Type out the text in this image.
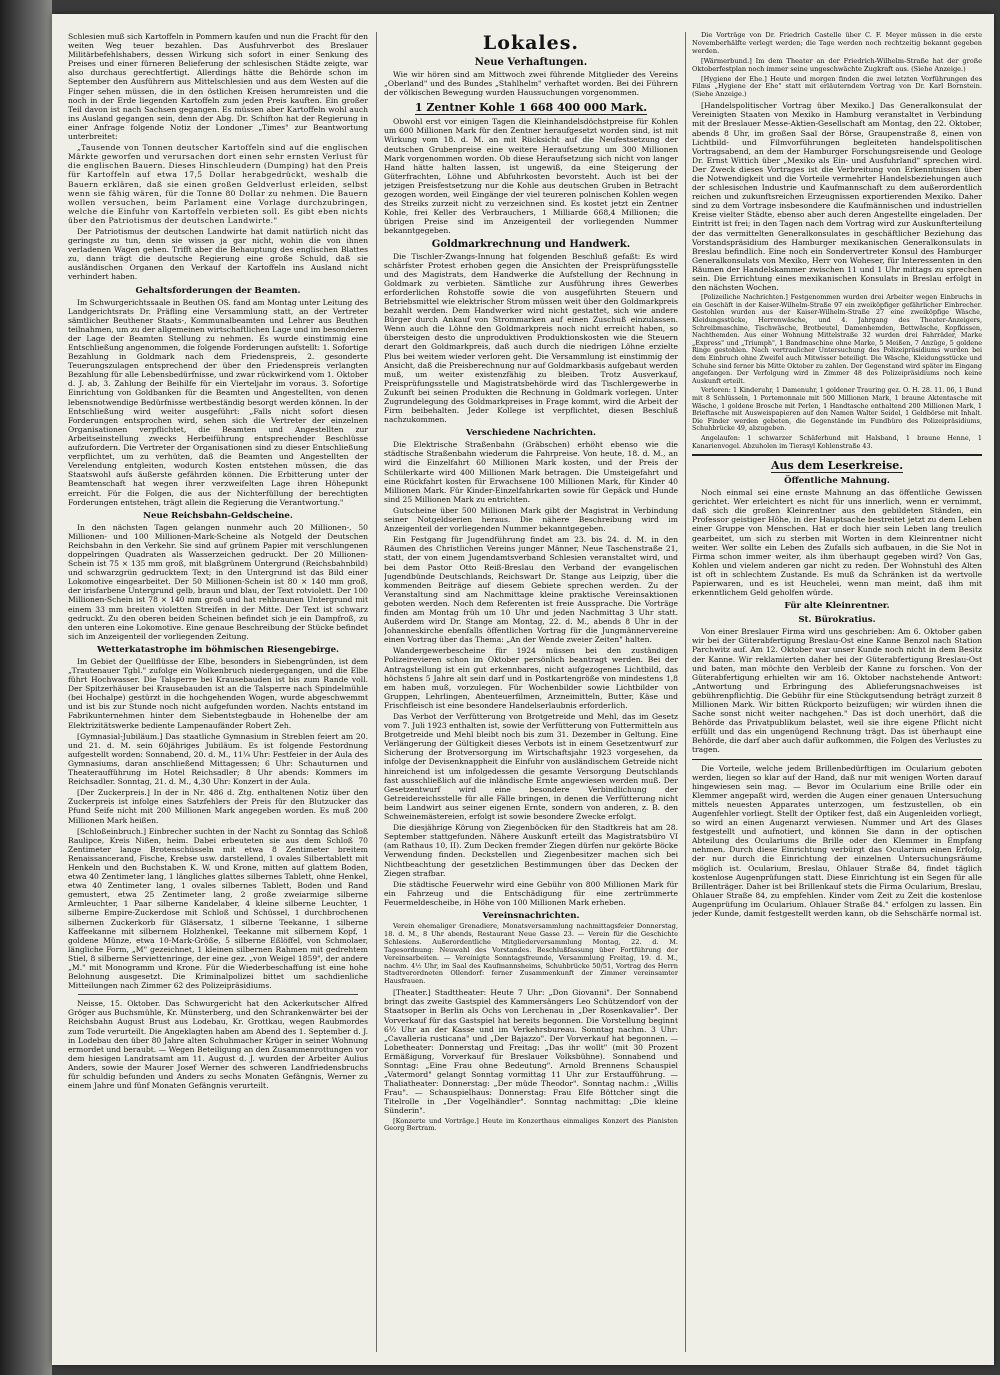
Schlesien muß sich Kartoffeln in Pommern kaufen und nun die Fracht für den weiten Weg teuer bezahlen. Das Ausfuhrverbot des Breslauer Militärbefehlshabers, dessen Wirkung sich sofort in einer Senkung des Preises und einer fürneren Belieferung der schlesischen Städte zeigte, war also durchaus gerechtfertigt. Allerdings hätte die Behörde schon im September den Ausführern aus Mittelschlesien und aus dem Westen auf die Finger sehen müssen, die in den östlichen Kreisen herumreisten und die noch in der Erde liegenden Kartoffeln zum jeden Preis kauften. Ein großer Teil davon ist nach Sachsen gegangen. Es müssen aber Kartoffeln wohl auch ins Ausland gegangen sein, denn der Abg. Dr. Schifton hat der Regierung in einer Anfrage folgende Notiz der Londoner „Times" zur Beantwortung unterbreitet:

„Tausende von Tonnen deutscher Kartoffeln sind auf die englischen Märkte geworfen und verursachen dort einen sehr ernsten Verlust für die englischen Bauern. Dieses Hinschleudern (Dumping) hat den Preis für Kartoffeln auf etwa 17,5 Dollar herabgedrückt, weshalb die Bauern erklären, daß sie einen großen Geldverlust erleiden, selbst wenn sie fähig wären, für die Tonne 80 Dollar zu nehmen. Die Bauern wollen versuchen, beim Parlament eine Vorlage durchzubringen, welche die Einfuhr von Kartoffeln verbieten soll. Es gibt eben nichts über den Patriotismus der deutschen Landwirte."

Der Patriotismus der deutschen Landwirte hat damit natürlich nicht das geringste zu tun, denn sie wissen ja gar nicht, wohin die von ihnen verladenen Wagen gehen. Trifft aber die Behauptung des englischen Blattes zu, dann trägt die deutsche Regierung eine große Schuld, daß sie ausländischen Organen den Verkauf der Kartoffeln ins Ausland nicht verhindert haben.

Gehaltsforderungen der Beamten.

Im Schwurgerichtssaale in Beuthen OS. fand am Montag unter Leitung des Landgerichtsrats Dr. Präfling eine Versammlung statt, an der Vertreter sämtlicher Beuthener Staats-, Kommunalbeamten und Lehrer aus Beuthen teilnahmen, um zu der allgemeinen wirtschaftlichen Lage und im besonderen der Lage der Beamten Stellung zu nehmen. Es wurde einstimmig eine Entschließung angenommen, die folgende Forderungen aufstellt: 1. Sofortige Bezahlung in Goldmark nach dem Friedenspreis, 2. gesonderte Teuerungszulagen entsprechend der über den Friedenspreis verlangten Bezahlung für alle Lebensbedürfnisse, und zwar rückwirkend vom 1. Oktober d. J. ab, 3. Zahlung der Beihilfe für ein Vierteljahr im voraus. 3. Sofortige Einrichtung von Goldbanken für die Beamten und Angestellten, von denen lebensnotwendige Bedürfnisse wertbeständig besorgt werden können. In der Entschließung wird weiter ausgeführt: „Falls nicht sofort diesen Forderungen entsprochen wird, sehen sich die Vertreter der einzelnen Organisationen verpflichtet, die Beamten und Angestellten zur Arbeitseinstellung zwecks Herbeiführung entsprechender Beschlüsse aufzufordern. Die Vertreter der Organisationen sind zu dieser Entschließung verpflichtet, um zu verhüten, daß die Beamten und Angestellten der Verelendung entgleiten, wodurch Kosten entstehen müssen, die das Staatswohl aufs äußerste gefährden können. Die Erbitterung unter der Beamtenschaft hat wegen ihrer verzweifelten Lage ihren Höhepunkt erreicht. Für die Folgen, die aus der Nichterfüllung der berechtigten Forderungen entstehen, trägt allein die Regierung die Verantwortung."

Neue Reichsbahn-Geldscheine.

In den nächsten Tagen gelangen nunmehr auch 20 Millionen-, 50 Millionen- und 100 Millionen-Mark-Scheine als Notgeld der Deutschen Reichsbahn in den Verkehr. Sie sind auf grünem Papier mit verschlungenen doppelringen Quadraten als Wasserzeichen gedruckt. Der 20 Millionen-Schein ist 75 × 135 mm groß, mit blaßgrünem Untergrund (Reichsbahnbild) und schwarzgrün gedrucktem Text; in den Untergrund ist das Bild einer Lokomotive eingearbeitet. Der 50 Millionen-Schein ist 80 × 140 mm groß, der irisfarbene Untergrund gelb, braun und blau, der Text rotviolett. Der 100 Millionen-Schein ist 78 × 140 mm groß und hat rehbraunen Untergrund mit einem 33 mm breiten violetten Streifen in der Mitte. Der Text ist schwarz gedruckt. Zu den oberen beiden Scheinen befindet sich je ein Dampfroß, zu den unteren eine Lokomotive. Eine genaue Beschreibung der Stücke befindet sich im Anzeigenteil der vorliegenden Zeitung.

Wetterkatastrophe im böhmischen Riesengebirge.

Im Gebiet der Quellflüsse der Elbe, besonders in Siebengründen, ist dem „Trautenauer Tgbl." zufolge ein Wolkenbruch niedergegangen, und die Elbe führt Hochwasser. Die Talsperre bei Krausebauden ist bis zum Rande voll. Der Spitzerhäuser bei Krausebauden ist an die Talsperre nach Spindelmühle (bei Hochalpe) gestürzt in die hochgehenden Wogen, wurde abgeschwemmt und ist bis zur Stunde noch nicht aufgefunden worden. Nachts entstand im Fabrikunternehmen hinter dem Siebentstegbaude in Hohenelbe der am Elektrizitätswerke bediente Lampenaufänder Robert Zeh.

[Gymnasial-Jubiläum.] Das staatliche Gymnasium in Streblen feiert am 20. und 21. d. M. sein 60jähriges Jubiläum. Es ist folgende Festordnung aufgestellt worden: Sonnabend, 20. d. M., 11¼ Uhr: Festfeier in der Aula des Gymnasiums, daran anschließend Mittagessen; 6 Uhr: Schauturnen und Theateraufführung im Hotel Reichsadler; 8 Uhr abends: Kommers im Reichsadler. Sonntag, 21. d. M., 4,30 Uhr: Konzert in der Aula.

[Der Zuckerpreis.] In der in Nr. 486 d. Ztg. enthaltenen Notiz über den Zuckerpreis ist infolge eines Satzfehlers der Preis für den Blutzucker das Pfund Seife nicht mit 200 Millionen Mark angegeben worden. Es muß 200 Millionen Mark heißen.

[Schloßeinbruch.] Einbrecher suchten in der Nacht zu Sonntag das Schloß Raulipce, Kreis Nißen, heim. Dabei erbeuteten sie aus dem Schloß 70 Zentimeter lange Brotenschüsseln mit etwa 8 Zentimeter breitem Renaissancerand, Fische, Krebse usw. darstellend, 1 ovales Silbertablett mit Henkeln und den Buchstaben K. W. und Krone, mitten auf glattem Boden, etwa 40 Zentimeter lang, 1 längliches glattes silbernes Tablett, ohne Henkel, etwa 40 Zentimeter lang, 1 ovales silbernes Tablett, Boden und Rand gemustert, etwa 25 Zentimeter lang, 2 große zweiarmige silberne Armleuchter, 1 Paar silberne Kandelaber, 4 kleine silberne Leuchter, 1 silberne Empire-Zuckerdose mit Schloß und Schüssel, 1 durchbrochenen silbernen Zuckerkorb für Gläsersatz, 1 silberne Teekanne, 1 silberne Kaffeekanne mit silbernem Holzhenkel, Teekanne mit silbernem Kopf, 1 goldene Münze, etwa 10-Mark-Größe, 5 silberne Eßlöffel, von Schmolaer, längliche Form, „M" gezeichnet, 1 kleinen silbernen Rahmen mit gedrehtem Stiel, 8 silberne Serviettenringe, der eine gez. „von Weigel 1859", der andere „M." mit Monogramm und Krone. Für die Wiederbeschaffung ist eine hohe Belohnung ausgesetzt. Die Kriminalpolizei bittet um sachdienliche Mitteilungen nach Zimmer 62 des Polizeipräsidiums.

Neisse, 15. Oktober. Das Schwurgericht hat den Ackerkutscher Alfred Gröger aus Buchsmühle, Kr. Münsterberg, und den Schrankenwärter bei der Reichsbahn August Brust aus Lodebau, Kr. Grottkau, wegen Raubmordes zum Tode verurteilt. Die Angeklagten haben am Abend des 1. September d. J. in Lodebau den über 80 Jahre alten Schuhmacher Krüger in seiner Wohnung ermordet und beraubt. — Wegen Beteiligung an den Zusammenrottungen vor dem hiesigen Landratsamt am 11. August d. J. wurden der Arbeiter Aulius Anders, sowie der Maurer Josef Werner des schweren Landfriedensbruchs für schuldig befunden und Anders zu sechs Monaten Gefängnis, Werner zu einem Jahre und fünf Monaten Gefängnis verurteilt.

Lokales.
Neue Verhaftungen.

Wie wir hören sind am Mittwoch zwei führende Mitglieder des Vereins „Oberland" und des Bundes „Stahlhelm" verhaftet worden. Bei dei Führern der völkischen Bewegung wurden Haussuchungen vorgenommen.

1 Zentner Kohle 1 668 400 000 Mark.

Obwohl erst vor einigen Tagen die Kleinhandelsdöchstpreise für Kohlen um 600 Millionen Mark für den Zentner heraufgesetzt worden sind, ist mit Wirkung vom 18. d. M. an mit Rücksicht auf die Neufestsetzung der deutschen Grubenpreise eine weitere Heraufsetzung um 300 Millionen Mark vorgenommen worden. Ob diese Heraufsetzung sich nicht von langer Hand hätte halten lassen, ist ungewiß, da eine Steigerung der Güterfrachten, Löhne und Abfuhrkosten bevorsteht. Auch ist bei der jetzigen Preisfestsetzung nur die Kohle aus deutschen Gruben in Betracht gezogen worden, weil Eingänge der viel teureren polnischen Kohlen wegen des Streiks zurzeit nicht zu verzeichnen sind. Es kostet jetzt ein Zentner Kohle, frei Keller des Verbrauchers, 1 Milliarde 668,4 Millionen; die übrigen Preise sind im Anzeigenteil der vorliegenden Nummer bekanntgegeben.

Goldmarkrechnung und Handwerk.

Die Tischler-Zwangs-Innung hat folgenden Beschluß gefaßt: Es wird schärfster Protest erhoben gegen die Ansichten der Preisprüfungsstelle und des Magistrats, dem Handwerke die Aufstellung der Rechnung in Goldmark zu verbieten. Sämtliche zur Ausführung ihres Gewerbes erforderlichen Rohstoffe sowie die von ausgeführten Steuern und Betriebsmittel wie elektrischer Strom müssen weit über den Goldmarkpreis bezahlt werden. Dem Handwerker wird nicht gestattet, sich wie andere Bürger durch Ankauf von Strommarken auf einen Zuschuß einzulassen. Wenn auch die Löhne den Goldmarkpreis noch nicht erreicht haben, so übersteigen desto die unproduktiven Produktionskosten wie die Steuern derart den Goldmarkpreis, daß auch durch die niedrigen Löhne erzielte Plus bei weitem wieder verloren geht. Die Versammlung ist einstimmig der Ansicht, daß die Preisberechnung nur auf Goldmarkbasis aufgebaut werden muß, um weiter existenzfähig zu bleiben. Trotz Ausverkauf, Preisprüfungsstelle und Magistratsbehörde wird das Tischlergewerbe in Zukunft bei seinen Produkten die Rechnung in Goldmark vorlegen. Unter Zugrundelegung des Goldmarkpreises in Frage kommt, wird die Arbeit der Firm beibehalten. Jeder Kollege ist verpflichtet, diesen Beschluß nachzukommen.

Verschiedene Nachrichten.

Die Elektrische Straßenbahn (Gräbschen) erhöht ebenso wie die städtische Straßenbahn wiederum die Fahrpreise. Von heute, 18. d. M., an wird die Einzelfahrt 60 Millionen Mark kosten, und der Preis der Schülerkarte wird 400 Millionen Mark betragen. Die Umsteigefahrt und eine Rückfahrt kosten für Erwachsene 100 Millionen Mark, für Kinder 40 Millionen Mark. Für Kinder-Einzelfahrkarten sowie für Gepäck und Hunde sind 25 Millionen Mark zu entrichten.

Gutscheine über 500 Millionen Mark gibt der Magistrat in Verbindung seiner Notgeldserien heraus. Die nähere Beschreibung wird im Anzeigenteil der vorliegenden Nummer bekanntgegeben.

Ein Festgang für Jugendführung findet am 23. bis 24. d. M. in den Räumen des Christlichen Vereins junger Männer, Neue Taschenstraße 21, statt, der von einem Jugendamtsverband Schlesien veranstaltet wird, und bei dem Pastor Otto Reiß-Breslau den Verband der evangelischen Jugendbünde Deutschlands, Reichswart Dr. Stange aus Leipzig, über die kommenden Beiträge auf diesem Gebiete sprechen werden. Zu der Veranstaltung sind am Nachmittage kleine praktische Vereinsaktionen geboten werden. Noch dem Referenten ist freie Aussprache. Die Vorträge finden am Montag früh um 10 Uhr und jeden Nachmittag 3 Uhr statt. Außerdem wird Dr. Stange am Montag, 22. d. M., abends 8 Uhr in der Johanneskirche ebenfalls öffentlichen Vortrag für die Jungmännervereine einen Vortrag über das Thema: „An der Wende zweier Zeiten" halten.

Wandergewerbescheine für 1924 müssen bei den zuständigen Polizeirevieren schon im Oktober persönlich beantragt werden. Bei der Antragstellung ist ein gut erkennbares, nicht aufgezogenes Lichtbild, das höchstens 5 Jahre alt sein darf und in Postkartengröße von mindestens 1,8 em haben muß, vorzulegen. Für Wochenbilder sowie Lichtbilder von Gruppen, Lehrlingen, Abenteuerfilmen, Arzneimitteln, Butter, Käse und Frischfleisch ist eine besondere Handelserlaubnis erforderlich.

Das Verbot der Verfütterung von Brotgetreide und Mehl, das im Gesetz vom 7. Juli 1923 enthalten ist, sowie der Verfütterung von Futtermitteln aus Brotgetreide und Mehl bleibt noch bis zum 31. Dezember in Geltung. Eine Verlängerung der Gültigkeit dieses Verbots ist in einem Gesetzentwurf zur Sicherung der Brotversorgung im Wirtschaftsjahr 1923 vorgesehen, da infolge der Devisenknappheit die Einfuhr von ausländischem Getreide nicht hinreichend ist um infolgedessen die gesamte Versorgung Deutschlands fast ausschließlich auf die inländische Ernte angewiesen werden muß. Der Gesetzentwurf wird eine besondere Verbindlichung der Getreidereichsstelle für alle Fälle bringen, in denen die Verfütterung nicht beim Landwirt aus seiner eigenen Ernte, sondern von anderen, z. B. den Schweinemästereien, erfolgt ist sowie besondere Zwecke erfolgt.

Die diesjährige Körung von Ziegenböcken für den Stadtkreis hat am 28. September stattgefunden. Nähere Auskunft erteilt das Magistratsbüro VI (am Rathaus 10, II). Zum Decken fremder Ziegen dürfen nur gekörte Böcke Verwendung finden. Deckstellen und Ziegenbesitzer machen sich bei Nichtbeachtung der gesetzlichen Bestimmungen über das Decken der Ziegen strafbar.

Die städtische Feuerwehr wird eine Gebühr von 800 Millionen Mark für ein Fahrzeug und die Entschädigung für eine zertrümmerte Feuermeldescheibe, in Höhe von 100 Millionen Mark erheben.

Vereinsnachrichten.

Verein ehemaliger Grenadiere, Monatsversammlung nachmittagsfeier Donnerstag, 18. d. M., 8 Uhr abends, Restaurant Neue Gasse 23. — Verein für die Geschichte Schlesiens. Außerordentliche Mitgliederversammlung Montag, 22. d. M. Tagesordnung: Neuwahl des Vorstandes. Beschlußfassung über Fortführung der Vereinsarbeiten. — Vereinigte Sonntagsfreunde, Versammlung Freitag, 19. d. M., nachm. 4½ Uhr, im Saal des Kaufmannsheims, Schuhbrücke 50/51, Vortrag des Herrn Stadtverordneten Ollendorf: ferner Zusammenkunft der Zimmer vereinsamter Hausfrauen.

[Theater.] Stadttheater: Heute 7 Uhr: „Don Giovanni". Der Sonnabend bringt das zweite Gastspiel des Kammersängers Leo Schützendorf von der Staatsoper in Berlin als Ochs von Lerchenau in „Der Rosenkavalier". Der Vorverkauf für das Gastspiel hat bereits begonnen. Die Vorstellung beginnt 6½ Uhr an der Kasse und im Verkehrsbureau. Sonntag nachm. 3 Uhr: „Cavalleria rusticana" und „Der Bajazzo". Der Vorverkauf hat begonnen. — Lobetheater: Donnerstag und Freitag: „Das ihr wollt" (mit 30 Prozent Ermäßigung, Vorverkauf für Breslauer Volksbühne). Sonnabend und Sonntag: „Eine Frau ohne Bedeutung". Arnold Brennens Schauspiel „Vatermord" gelangt Sonntag vormittag 11 Uhr zur Erstaufführung. — Thaliatheater: Donnerstag: „Der müde Theodor". Sonntag nachm.: „Willis Frau". — Schauspielhaus: Donnerstag: Frau Elfe Böttcher singt die Titelrolle in „Der Vogelhändler". Sonntag nachmittag: „Die kleine Sünderin".

[Konzerte und Vorträge.] Heute im Konzerthaus einmaliges Konzert des Pianisten Georg Bertram.

Die Vorträge von Dr. Friedrich Castelle über C. F. Meyer müssen in die erste Novemberhälfte verlegt werden; die Tage werden noch rechtzeitig bekannt gegeben werden.

[Wärmerbund.] Im dem Theater an der Friedrich-Wilhelm-Straße hat der große Oktoberfestplan noch immer seine ungeschwächte Zugkraft aus. (Siehe Anzeige.)

[Hygiene der Ehe.] Heute und morgen finden die zwei letzten Vorführungen des Films „Hygiene der Ehe" statt mit erläuterndem Vortrag von Dr. Karl Bornstein. (Siehe Anzeige.)

[Handelspolitischer Vortrag über Mexiko.] Das Generalkonsulat der Vereinigten Staaten von Mexiko in Hamburg veranstaltet in Verbindung mit der Breslauer Messe-Aktien-Gesellschaft am Montag, den 22. Oktober, abends 8 Uhr, im großen Saal der Börse, Graupenstraße 8, einen von Lichtbild- und Filmvorführungen begleiteten handelspolitischen Vortragsabend, an dem der Hamburger Forschungsreisende und Geologe Dr. Ernst Wittich über „Mexiko als Ein- und Ausfuhrland" sprechen wird. Der Zweck dieses Vortrages ist die Verbreitung von Erkenntnissen über die Notwendigkeit und die Vorteile vermehrter Handelsbeziehungen auch der schlesischen Industrie und Kaufmannschaft zu dem außerordentlich reichen und zukunftsreichen Erzeugnissen exportierenden Mexiko. Daher sind zu dem Vortrage insbesondere die Kaufmännischen und industriellen Kreise vielter Städte, ebenso aber auch deren Angestellte eingeladen. Der Eintritt ist frei; in den Tagen nach dem Vortrag wird zur Auskunfterteilung der das vermittelten Generalkonsulates in geschäftlicher Beziehung das Vorstandspräsidium des Hamburger mexikanischen Generalkonsulats in Breslau befindlich. Eine noch ein Sondervertreter Konsul des Hamburger Generalkonsulats von Mexiko, Herr von Woheser, für Interessenten in den Räumen der Handelskammer zwischen 11 und 1 Uhr mittags zu sprechen sein. Die Errichtung eines mexikanischen Konsulats in Breslau erfolgt in den nächsten Wochen.

[Polizeiliche Nachrichten.] Festgenommen wurden drei Arbeiter wegen Einbruchs in ein Geschäft in der Kaiser-Wilhelm-Straße 97 ein zweiköpfiger gefährlicher Einbrecher. Gestohlen wurden aus der Kaiser-Wilhelm-Straße 27 eine zweiköpfige Wäsche, Kleidungsstücke, Herrenwäsche, und 4. Jahrgang des Theater-Anzeigers, Schreibmaschine, Tischwäsche, Brotbeutel, Damenhemden, Bettwäsche, Kopfkissen, Nachthemden. Aus einer Wohnung Mittelstraße 32 wurden drei Fahrräder, Marke „Express" und „Triumph", 1 Bandmaschine ohne Marke, 5 Meißen, 7 Anzüge, 5 goldene Ringe gestohlen. Nach vertraulicher Untersuchung des Polizeipräsidiums wurden bei dem Einbruch ohne Zweifel auch Mitwisser beteiligt. Die Wäsche, Kleidungsstücke und Schuhe sind ferner bis Mitte Oktober zu zahlen. Der Gegenstand wird später im Eingang angefangen. Der Verfolgung wird in Zimmer 48 des Polizeipräsidiums noch keine Auskunft erteilt.

Verloren: 1 Kinderuhr, 1 Damenuhr, 1 goldener Trauring gez. O. H. 28. 11. 06, 1 Bund mit 8 Schlüsseln, 1 Portemonnaie mit 500 Millionen Mark, 1 braune Aktentasche mit Wäsche, 1 goldene Brosche mit Perlen, 1 Handtasche enthaltend 200 Millionen Mark, 1 Brieftasche mit Ausweispapieren auf den Namen Walter Seidel, 1 Geldbörse mit Inhalt. Die Finder werden gebeten, die Gegenstände im Fundbüro des Polizeipräsidiums, Schuhbrücke 49, abzugeben.

Angelaufen: 1 schwarzer Schäferhund mit Halsband, 1 braune Henne, 1 Kanarienvogel. Abzuholen im Tierasyl Kohlenstraße 43.

Aus dem Leserkreise.
Öffentliche Mahnung.

Noch einmal sei eine ernste Mahnung an das öffentliche Gewissen gerichtet. Wer erleichtert es nicht für uns innerlich, wenn er vernimmt, daß sich die großen Kleinrentner aus den gebildeten Ständen, ein Professor geistiger Höhe, in der Hauptsache bestreitet jetzt zu dem Leben einer Gruppe von Menschen. Hat er doch hier sein Leben lang treulich gearbeitet, um sich zu sterben mit Worten in dem Kleinrentner nicht weiter. Wer sollte ein Leben des Zufalls sich aufbauen, in die Sie Not in Firma schon immer weiter, als ihm überhaupt gegeben wird? Von Gas, Kohlen und vielem anderen gar nicht zu reden. Der Wohnstuhl des Alten ist oft in schlechtem Zustande. Es muß da Schränken ist da wertvolle Papierwaren, und es ist Heuchelei, wenn man meint, daß ihm mit erkenntlichem Geld geholfen würde.

Für alte Kleinrentner.
St. Bürokratius.

Von einer Breslauer Firma wird uns geschrieben: Am 6. Oktober gaben wir bei der Güterabfertigung Breslau-Ost eine Kanne Benzol nach Station Parchwitz auf. Am 12. Oktober war unser Kunde noch nicht in dem Besitz der Kanne. Wir reklamierten daher bei der Güterabfertigung Breslau-Ost und baten, man möchte den Verbleib der Kanne zu forschen. Von der Güterabfertigung erhielten wir am 16. Oktober nachstehende Antwort: „Antwortung und Erbringung des Ablieferungsnachweises ist gebührenpflichtig. Die Gebühr für eine Stückgutsendung beträgt zurzeit 8 Millionen Mark. Wir bitten Rückporto beizufügen; wir würden ihnen die Sache sonst nicht weiter nachgehen." Das ist doch unerhört, daß die Behörde das Privatpublikum belastet, weil sie ihre eigene Pflicht nicht erfüllt und das ein ungenügend Rechnung trägt. Das ist überhaupt eine Behörde, die darf aber auch dafür aufkommen, die Folgen des Verlustes zu tragen.

Die Vorteile, welche jedem Brillenbedürftigen im Ocularium geboten werden, liegen so klar auf der Hand, daß nur mit wenigen Worten darauf hingewiesen sein mag. — Bevor im Ocularium eine Brille oder ein Klemmer angepaßt wird, werden die Augen einer genauen Untersuchung mittels neuesten Apparates unterzogen, um festzustellen, ob ein Augenfehler vorliegt. Stellt der Optiker fest, daß ein Augenleiden vorliegt, so wird an einen Augenarzt verwiesen. Nummer und Art des Glases festgestellt und aufnotiert, und können Sie dann in der optischen Abteilung des Oculariums die Brille oder den Klemmer in Empfang nehmen. Durch diese Einrichtung verbürgt das Ocularium einen Erfolg, der nur durch die Einrichtung der einzelnen Untersuchungsräume möglich ist. Ocularium, Breslau, Ohlauer Straße 84, findet täglich kostenlose Augenprüfungen statt. Diese Einrichtung ist ein Segen für alle Brillenträger. Daher ist bei Brillenkauf stets die Firma Ocularium, Breslau, Ohlauer Straße 84, zu empfehlen. Kinder vom Zeit zu Zeit die kostenlose Augenprüfung im Ocularium. Ohlauer Straße 84." erfolgen zu lassen. Ein jeder Kunde, damit festgestellt werden kann, ob die Sehschärfe normal ist.
